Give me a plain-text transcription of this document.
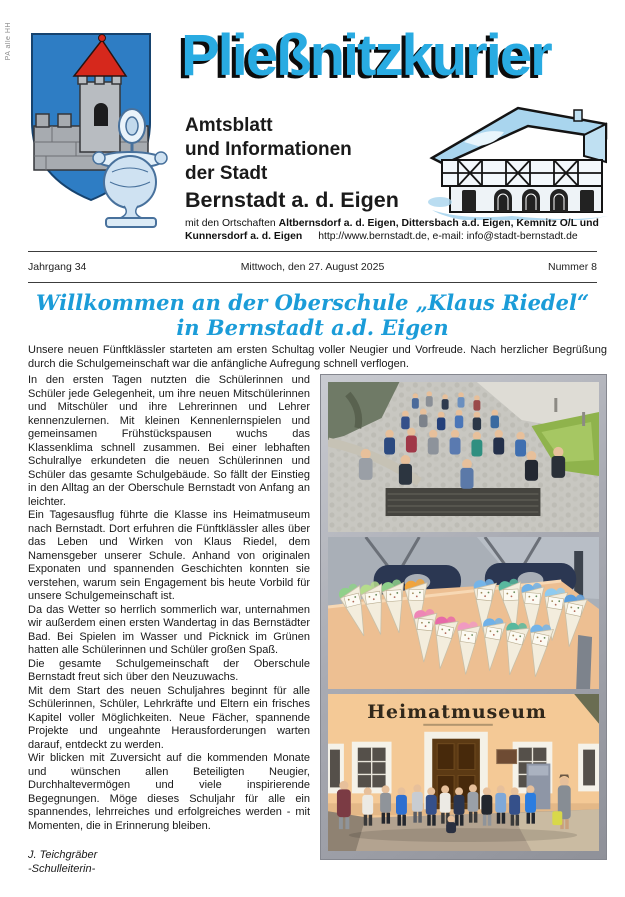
PA alle HH	Pließnitzkurier
Amtsblatt
und Informationen
der Stadt
Bernstadt a. d. Eigen
mit den Ortschaften Altbernsdorf a. d. Eigen, Dittersbach a.d. Eigen, Kemnitz O/L und
Kunnersdorf a. d. Eigen http://www.bernstadt.de, e-mail: info@stadt-bernstadt.de
Jahrgang 34	Mittwoch, den 27. August 2025	Nummer 8
Willkommen an der Oberschule „Klaus Riedel“
in Bernstadt a.d. Eigen

Unsere neuen Fünftklässler starteten am ersten Schultag voller Neugier und Vorfreude. Nach herzlicher Begrüßung durch die Schulgemeinschaft war die anfängliche Aufregung schnell verflogen.

In den ersten Tagen nutzten die Schülerinnen und Schüler jede Gelegenheit, um ihre neuen Mitschülerinnen und Mitschüler und ihre Lehrerinnen und Lehrer kennenzulernen. Mit kleinen Kennenlernspielen und gemeinsamen Frühstückspausen wuchs das Klassenklima schnell zusammen. Bei einer lebhaften Schulrallye erkundeten die neuen Schülerinnen und Schüler das gesamte Schulgebäude. So fällt der Einstieg in den Alltag an der Oberschule Bernstadt von Anfang an leichter.

Ein Tagesausflug führte die Klasse ins Heimatmuseum nach Bernstadt. Dort erfuhren die Fünftklässler alles über das Leben und Wirken von Klaus Riedel, dem Namensgeber unserer Schule. Anhand von originalen Exponaten und spannenden Geschichten konnten sie verstehen, warum sein Engagement bis heute Vorbild für unsere Schulgemeinschaft ist.

Da das Wetter so herrlich sommerlich war, unternahmen wir außerdem einen ersten Wandertag in das Bernstädter Bad. Bei Spielen im Wasser und Picknick im Grünen hatten alle Schülerinnen und Schüler großen Spaß.

Die gesamte Schulgemeinschaft der Oberschule Bernstadt freut sich über den Neuzuwachs.

Mit dem Start des neuen Schuljahres beginnt für alle Schülerinnen, Schüler, Lehrkräfte und Eltern ein frisches Kapitel voller Möglichkeiten. Neue Fächer, spannende Projekte und ungeahnte Herausforderungen warten darauf, entdeckt zu werden.

Wir blicken mit Zuversicht auf die kommenden Monate und wünschen allen Beteiligten Neugier, Durchhaltevermögen und viele inspirierende Begegnungen. Möge dieses Schuljahr für alle ein spannendes, lehrreiches und erfolgreiches werden - mit Momenten, die in Erinnerung bleiben.

J. Teichgräber
-Schulleiterin-
Heimatmuseum
